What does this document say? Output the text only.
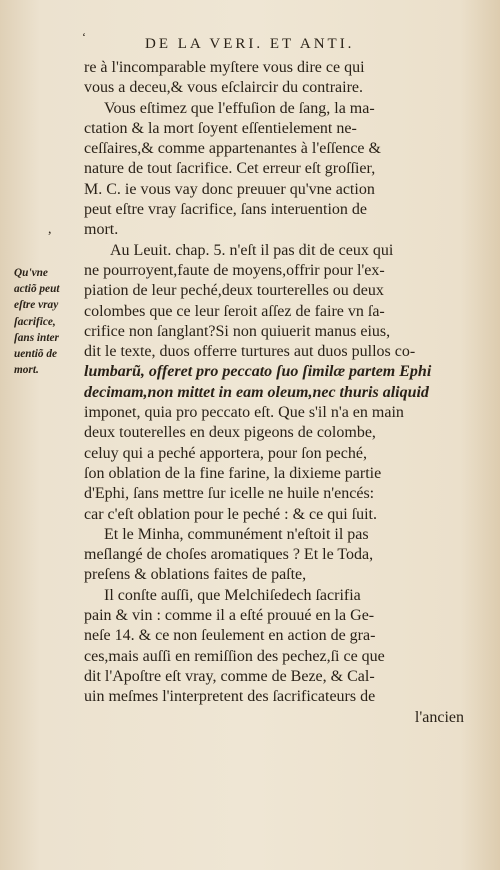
ʻ	DE LA VERI. ET ANTI.
,
Qu'vne
actiõ peut
eſtre vray
ſacrifice,
ſans inter
uentiõ de
mort.
re à l'incomparable myſtere vous dire ce qui
vous a deceu,& vous eſclaircir du contraire.
Vous eſtimez que l'effuſion de ſang, la ma-
ctation & la mort ſoyent eſſentielement ne-
ceſſaires,& comme appartenantes à l'eſſence &
nature de tout ſacrifice. Cet erreur eſt groſſier,
M. C. ie vous vay donc preuuer qu'vne action
peut eſtre vray ſacrifice, ſans interuention de
mort.
Au Leuit. chap. 5. n'eſt il pas dit de ceux qui
ne pourroyent,faute de moyens,offrir pour l'ex-
piation de leur peché,deux tourterelles ou deux
colombes que ce leur ſeroit aſſez de faire vn ſa-
crifice non ſanglant?Si non quiuerit manus eius,
dit le texte, duos offerre turtures aut duos pullos co-
lumbarũ, offeret pro peccato ſuo ſimilæ partem Ephi
decimam,non mittet in eam oleum,nec thuris aliquid
imponet, quia pro peccato eſt. Que s'il n'a en main
deux touterelles en deux pigeons de colombe,
celuy qui a peché apportera, pour ſon peché,
ſon oblation de la fine farine, la dixieme partie
d'Ephi, ſans mettre ſur icelle ne huile n'encés:
car c'eſt oblation pour le peché : & ce qui ſuit.
Et le Minha, communément n'eſtoit il pas
meſlangé de choſes aromatiques ? Et le Toda,
preſens & oblations faites de paſte,
Il conſte auſſi, que Melchiſedech ſacrifia
pain & vin : comme il a eſté prouué en la Ge-
neſe 14. & ce non ſeulement en action de gra-
ces,mais auſſi en remiſſion des pechez,ſi ce que
dit l'Apoſtre eſt vray, comme de Beze, & Cal-
uin meſmes l'interpretent des ſacrificateurs de
l'ancien
